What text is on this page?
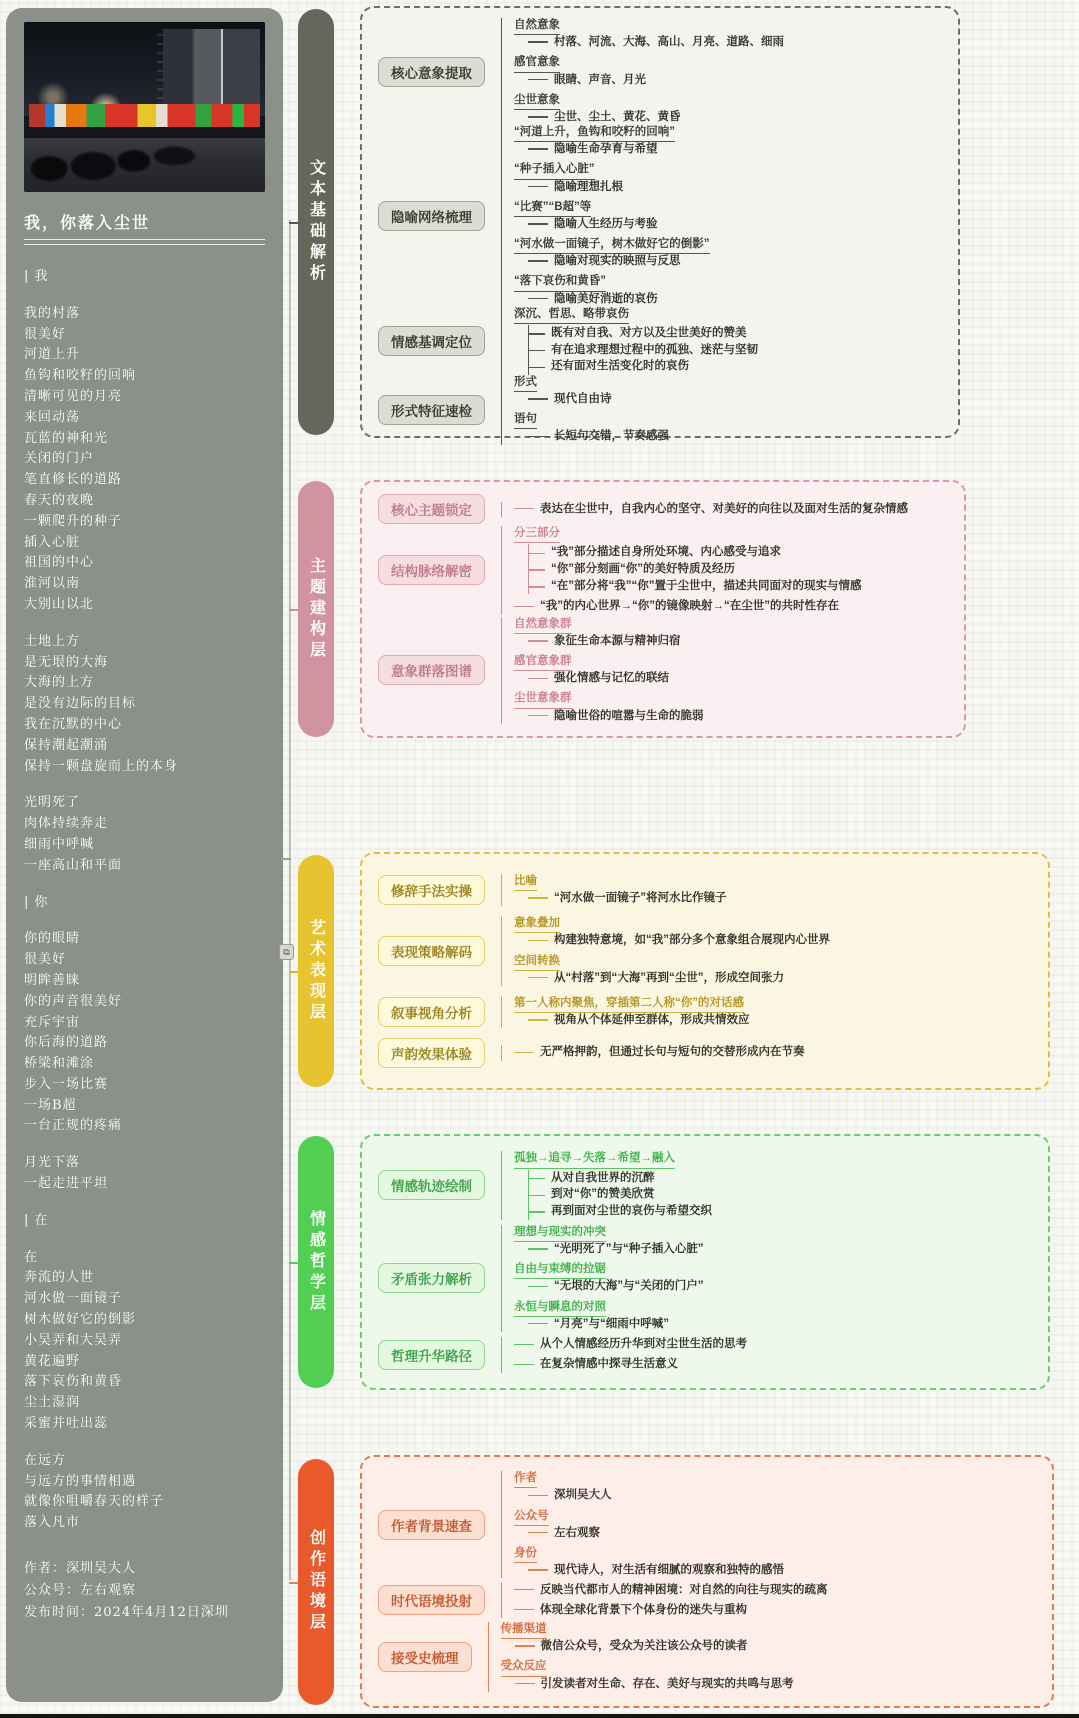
我，你落入尘世
| 我
我的村落
很美好
河道上升
鱼钩和咬籽的回响
清晰可见的月亮
来回动荡
瓦蓝的神和光
关闭的门户
笔直修长的道路
春天的夜晚
一颗爬升的种子
插入心脏
祖国的中心
淮河以南
大别山以北
土地上方
是无垠的大海
大海的上方
是没有边际的目标
我在沉默的中心
保持潮起潮涌
保持一颗盘旋而上的本身
光明死了
肉体持续奔走
细雨中呼喊
一座高山和平面
| 你
你的眼睛
很美好
明眸善睐
你的声音很美好
充斥宇宙
你后海的道路
桥梁和滩涂
步入一场比赛
一场B超
一台正规的疼痛
月光下落
一起走进平坦
| 在
在
奔流的人世
河水做一面镜子
树木做好它的倒影
小吴弄和大吴弄
黄花遍野
落下哀伤和黄昏
尘土湿润
采蜜并吐出蕊
在远方
与远方的事情相遇
就像你咀嚼春天的样子
落入凡市
作者：深圳吴大人
公众号：左右观察
发布时间：2024年4月12日深圳
⧉
文本基础解析
核心意象提取
自然意象
村落、河流、大海、高山、月亮、道路、细雨
感官意象
眼睛、声音、月光
尘世意象
尘世、尘土、黄花、黄昏
隐喻网络梳理
“河道上升，鱼钩和咬籽的回响”
隐喻生命孕育与希望
“种子插入心脏”
隐喻理想扎根
“比赛”“B超”等
隐喻人生经历与考验
“河水做一面镜子，树木做好它的倒影”
隐喻对现实的映照与反思
“落下哀伤和黄昏”
隐喻美好消逝的哀伤
情感基调定位
深沉、哲思、略带哀伤
既有对自我、对方以及尘世美好的赞美
有在追求理想过程中的孤独、迷茫与坚韧
还有面对生活变化时的哀伤
形式特征速检
形式
现代自由诗
语句
长短句交错，节奏感强
主题建构层
核心主题锁定	表达在尘世中，自我内心的坚守、对美好的向往以及面对生活的复杂情感
结构脉络解密
分三部分
“我”部分描述自身所处环境、内心感受与追求
“你”部分刻画“你”的美好特质及经历
“在”部分将“我”“你”置于尘世中，描述共同面对的现实与情感
“我”的内心世界→“你”的镜像映射→“在尘世”的共时性存在
意象群落图谱
自然意象群
象征生命本源与精神归宿
感官意象群
强化情感与记忆的联结
尘世意象群
隐喻世俗的喧嚣与生命的脆弱
艺术表现层
修辞手法实操
比喻
“河水做一面镜子”将河水比作镜子
表现策略解码
意象叠加
构建独特意境，如“我”部分多个意象组合展现内心世界
空间转换
从“村落”到“大海”再到“尘世”，形成空间张力
叙事视角分析
第一人称内聚焦，穿插第二人称“你”的对话感
视角从个体延伸至群体，形成共情效应
声韵效果体验	无严格押韵，但通过长句与短句的交替形成内在节奏
情感哲学层
情感轨迹绘制
孤独→追寻→失落→希望→融入
从对自我世界的沉醉
到对“你”的赞美欣赏
再到面对尘世的哀伤与希望交织
矛盾张力解析
理想与现实的冲突
“光明死了”与“种子插入心脏”
自由与束缚的拉锯
“无垠的大海”与“关闭的门户”
永恒与瞬息的对照
“月亮”与“细雨中呼喊”
哲理升华路径
从个人情感经历升华到对尘世生活的思考
在复杂情感中探寻生活意义
创作语境层
作者背景速查
作者
深圳吴大人
公众号
左右观察
身份
现代诗人，对生活有细腻的观察和独特的感悟
时代语境投射
反映当代都市人的精神困境：对自然的向往与现实的疏离
体现全球化背景下个体身份的迷失与重构
接受史梳理
传播渠道
微信公众号，受众为关注该公众号的读者
受众反应
引发读者对生命、存在、美好与现实的共鸣与思考
